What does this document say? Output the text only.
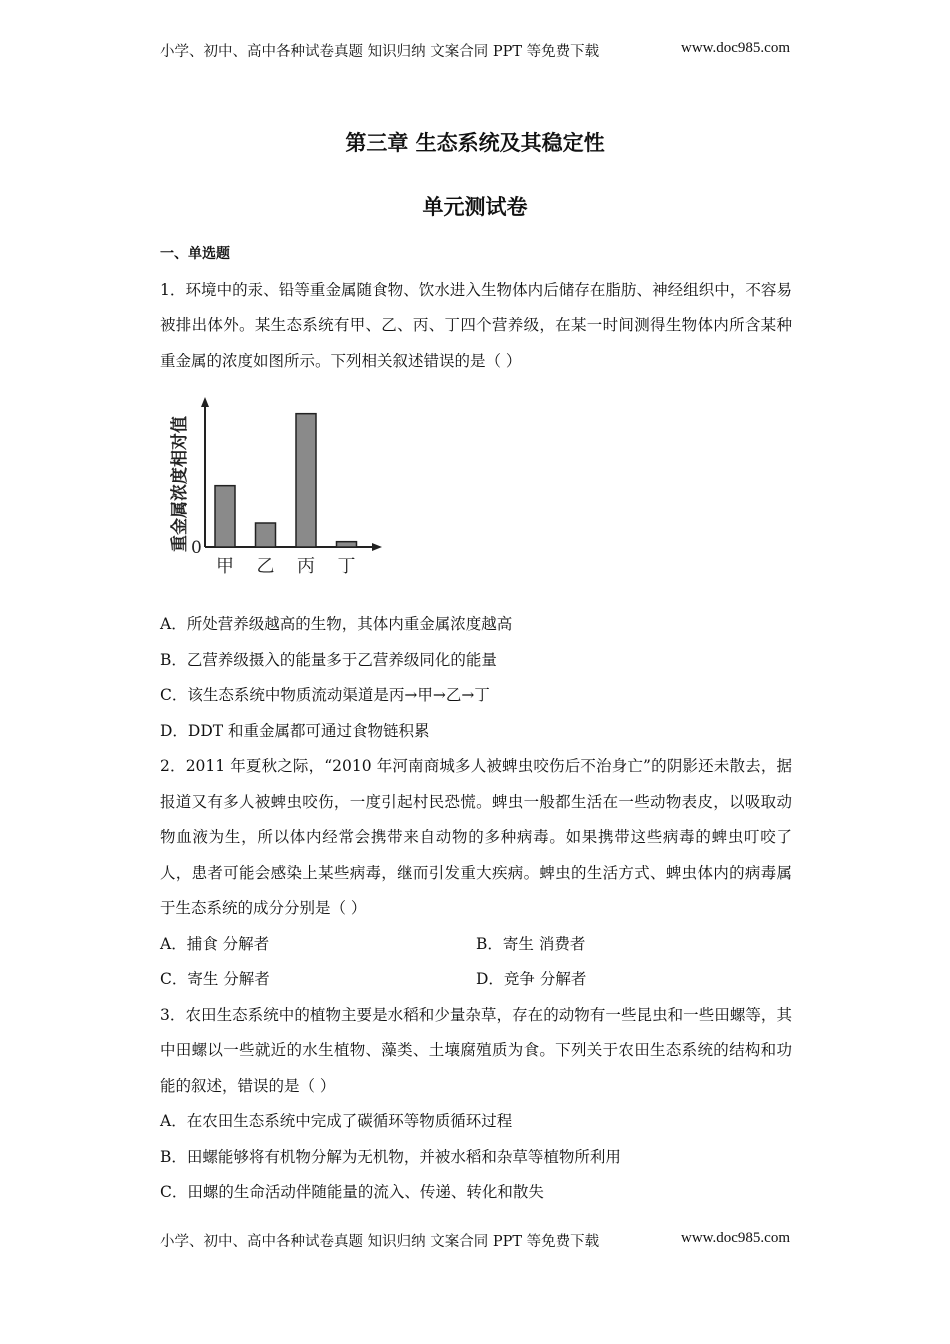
小学、初中、高中各种试卷真题 知识归纳 文案合同 PPT 等免费下载	www.doc985.com
第三章 生态系统及其稳定性
单元测试卷
一、单选题

1．环境中的汞、铅等重金属随食物、饮水进入生物体内后储存在脂肪、神经组织中，不容易被排出体外。某生态系统有甲、乙、丙、丁四个营养级，在某一时间测得生物体内所含某种重金属的浓度如图所示。下列相关叙述错误的是（ ）

重金属浓度相对值 0
甲 乙 丙 丁
A．所处营养级越高的生物，其体内重金属浓度越高
B．乙营养级摄入的能量多于乙营养级同化的能量
C．该生态系统中物质流动渠道是丙→甲→乙→丁
D．DDT 和重金属都可通过食物链积累

2．2011 年夏秋之际，“2010 年河南商城多人被蜱虫咬伤后不治身亡”的阴影还未散去，据报道又有多人被蜱虫咬伤，一度引起村民恐慌。蜱虫一般都生活在一些动物表皮，以吸取动物血液为生，所以体内经常会携带来自动物的多种病毒。如果携带这些病毒的蜱虫叮咬了人，患者可能会感染上某些病毒，继而引发重大疾病。蜱虫的生活方式、蜱虫体内的病毒属于生态系统的成分分别是（ ）

A．捕食 分解者	B．寄生 消费者
C．寄生 分解者	D．竞争 分解者

3．农田生态系统中的植物主要是水稻和少量杂草，存在的动物有一些昆虫和一些田螺等，其中田螺以一些就近的水生植物、藻类、土壤腐殖质为食。下列关于农田生态系统的结构和功能的叙述，错误的是（ ）

A．在农田生态系统中完成了碳循环等物质循环过程
B．田螺能够将有机物分解为无机物，并被水稻和杂草等植物所利用
C．田螺的生命活动伴随能量的流入、传递、转化和散失
小学、初中、高中各种试卷真题 知识归纳 文案合同 PPT 等免费下载	www.doc985.com
